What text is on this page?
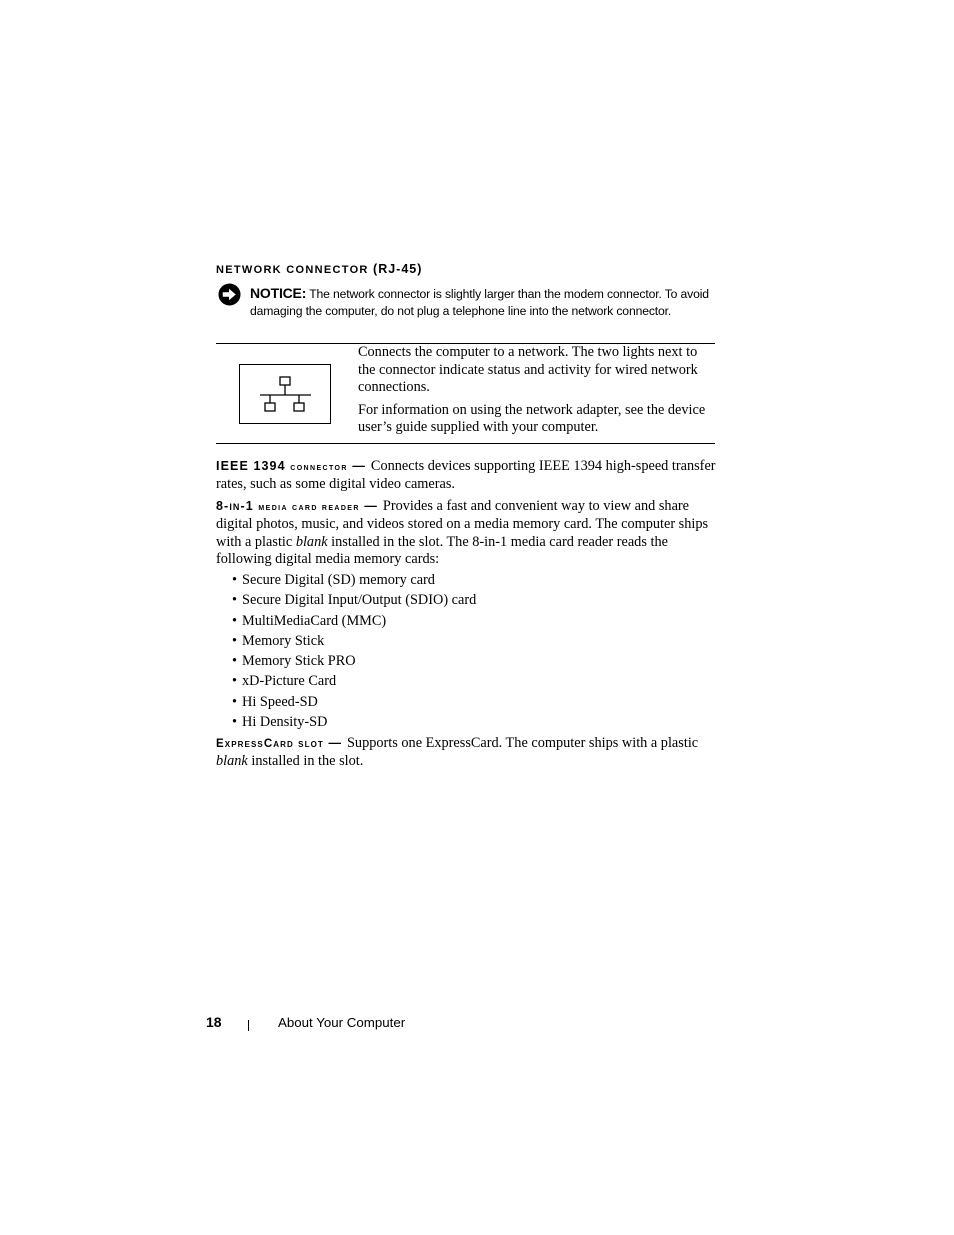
NETWORK CONNECTOR (RJ-45)
NOTICE: The network connector is slightly larger than the modem connector. To avoid damaging the computer, do not plug a telephone line into the network connector.

Connects the computer to a network. The two lights next to the connector indicate status and activity for wired network connections.

For information on using the network adapter, see the device user’s guide supplied with your computer.

IEEE 1394 connector — Connects devices supporting IEEE 1394 high-speed transfer rates, such as some digital video cameras.
8-in-1 media card reader — Provides a fast and convenient way to view and share digital photos, music, and videos stored on a media memory card. The computer ships with a plastic blank installed in the slot. The 8-in-1 media card reader reads the following digital media memory cards:
• Secure Digital (SD) memory card
• Secure Digital Input/Output (SDIO) card
• MultiMediaCard (MMC)
• Memory Stick
• Memory Stick PRO
• xD-Picture Card
• Hi Speed-SD
• Hi Density-SD
ExpressCard slot — Supports one ExpressCard. The computer ships with a plastic blank installed in the slot.
18	About Your Computer
